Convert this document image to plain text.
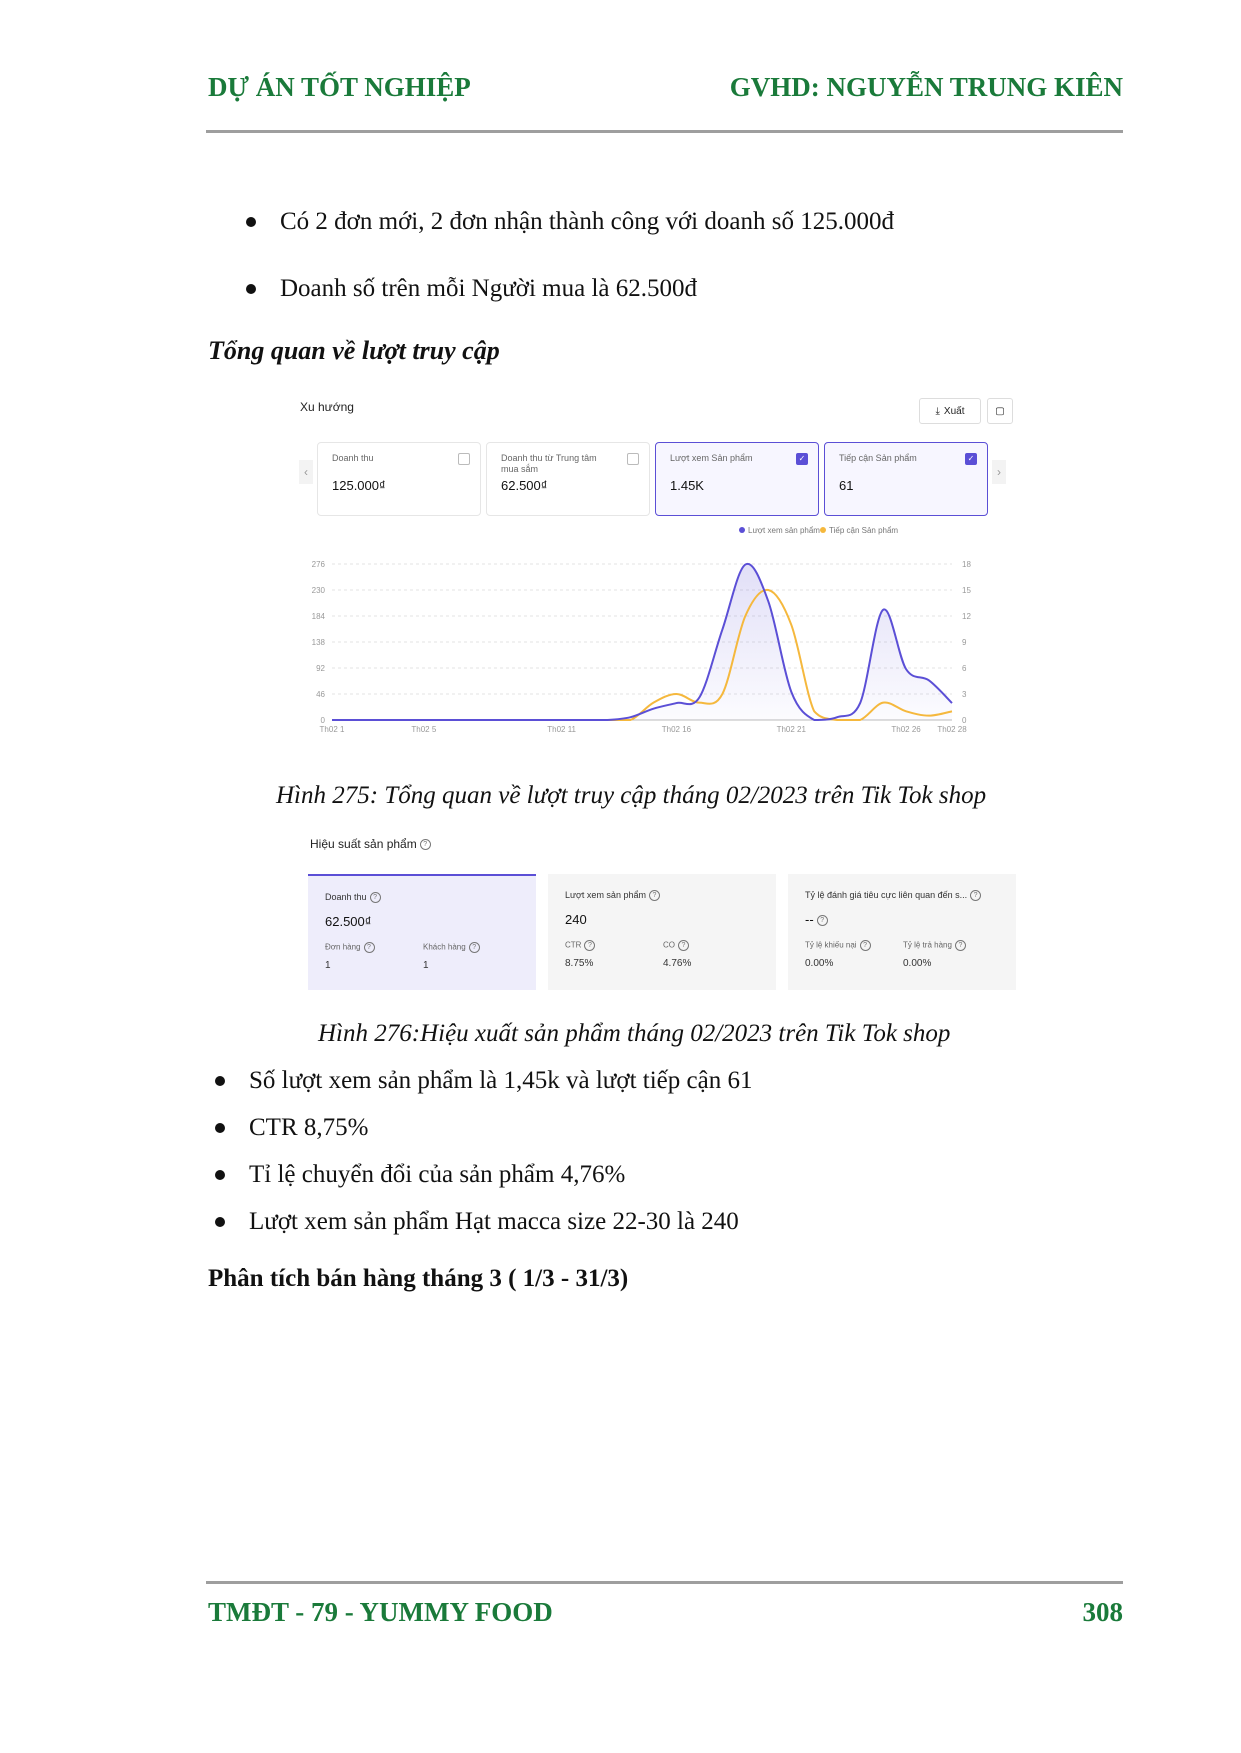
DỰ ÁN TỐT NGHIỆP	GVHD: NGUYỄN TRUNG KIÊN
Có 2 đơn mới, 2 đơn nhận thành công với doanh số 125.000đ
Doanh số trên mỗi Người mua là 62.500đ
Tổng quan về lượt truy cập
Xu hướng	⤓ Xuất	▢
‹
Doanh thu
125.000₫
Doanh thu từ Trung tâm mua sắm
62.500₫
Lượt xem Sản phẩm
1.45K
✓	Tiếp cận Sản phẩm
61
✓
›
Lượt xem sản phẩm Tiếp cận Sản phẩm
0	0
46	3
92	6
138	9
184	12
230	15
276	18
Th02 1	Th02 5	Th02 11	Th02 16	Th02 21	Th02 26 Th02 28
Hình 275: Tổng quan về lượt truy cập tháng 02/2023 trên Tik Tok shop
Hiệu suất sản phẩm ?
Doanh thu ?
62.500₫
Đơn hàng ?
1
Khách hàng ?
1
Lượt xem sản phẩm ?
240
CTR ?
8.75%
CO ?
4.76%
Tỷ lệ đánh giá tiêu cực liên quan đến s... ?
-- ?
Tỷ lệ khiếu nại ?
0.00%
Tỷ lệ trả hàng ?
0.00%
Hình 276:Hiệu xuất sản phẩm tháng 02/2023 trên Tik Tok shop
Số lượt xem sản phẩm là 1,45k và lượt tiếp cận 61
CTR 8,75%
Tỉ lệ chuyển đổi của sản phẩm 4,76%
Lượt xem sản phẩm Hạt macca size 22-30 là 240
Phân tích bán hàng tháng 3 ( 1/3 - 31/3)
TMĐT - 79 - YUMMY FOOD	308
